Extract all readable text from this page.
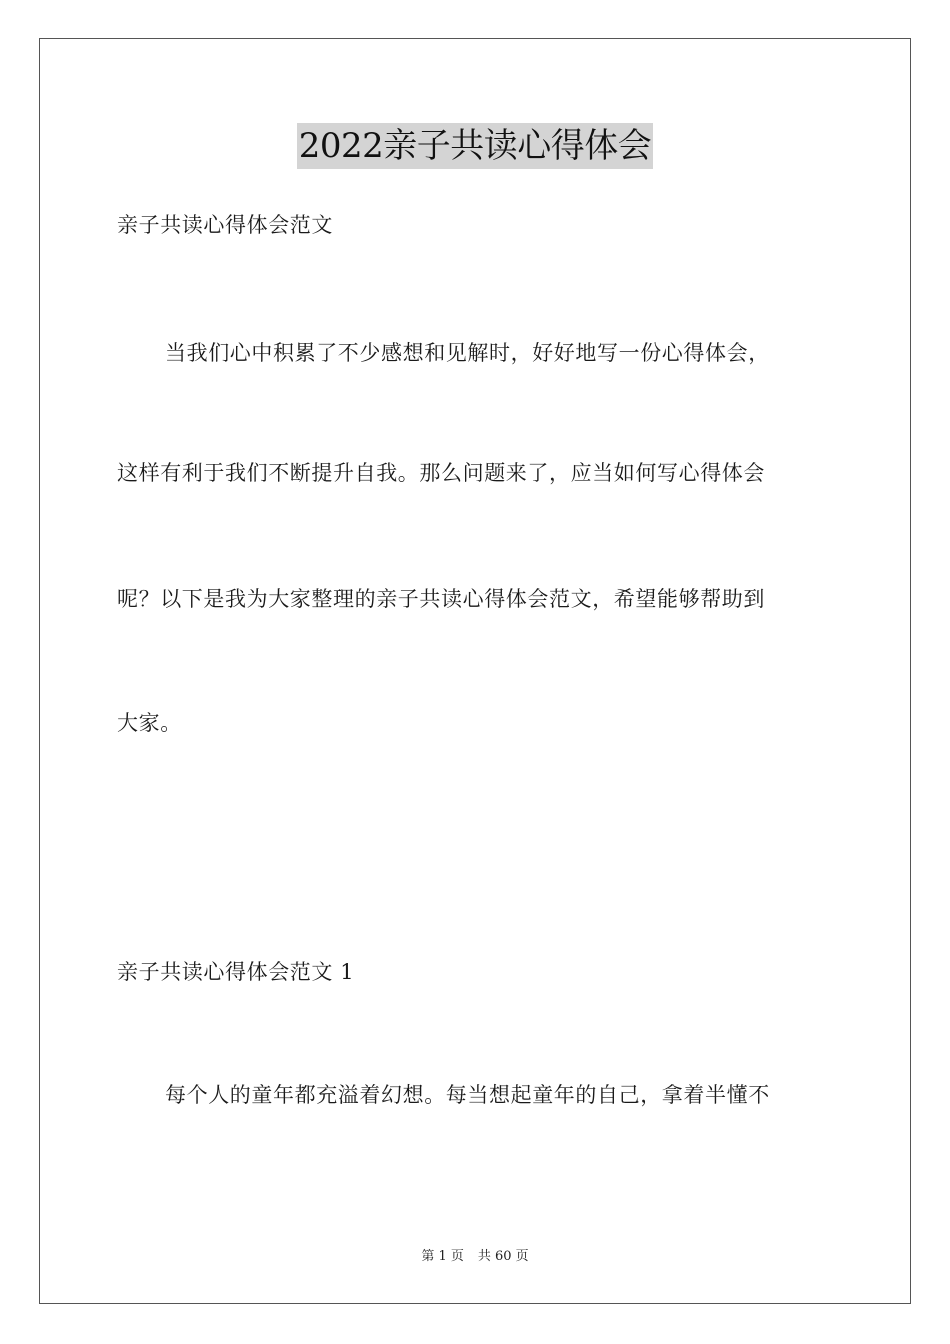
2022亲子共读心得体会
亲子共读心得体会范文
当我们心中积累了不少感想和见解时，好好地写一份心得体会，
这样有利于我们不断提升自我。那么问题来了，应当如何写心得体会
呢？以下是我为大家整理的亲子共读心得体会范文，希望能够帮助到
大家。
亲子共读心得体会范文 1
每个人的童年都充溢着幻想。每当想起童年的自己，拿着半懂不
第 1 页 共 60 页
